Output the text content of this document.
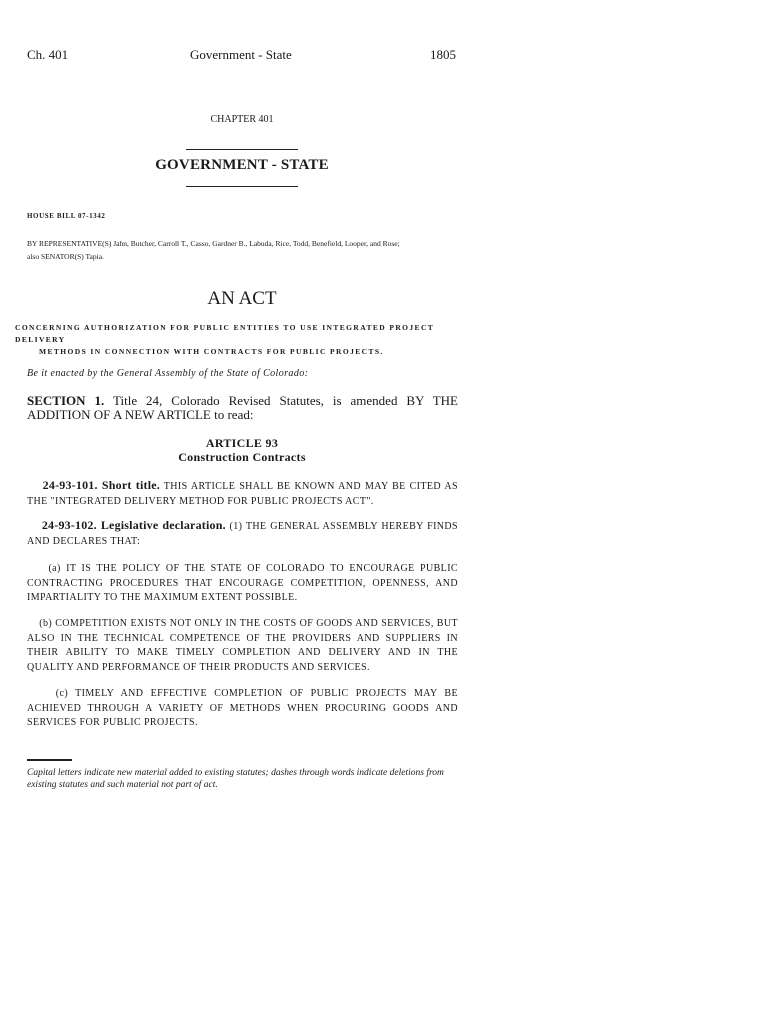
Ch. 401	Government - State	1805
CHAPTER 401
GOVERNMENT - STATE
HOUSE BILL 07-1342
BY REPRESENTATIVE(S) Jahn, Butcher, Carroll T., Casso, Gardner B., Labuda, Rice, Todd, Benefield, Looper, and Rose;
also SENATOR(S) Tapia.
AN ACT
CONCERNING AUTHORIZATION FOR PUBLIC ENTITIES TO USE INTEGRATED PROJECT DELIVERY
METHODS IN CONNECTION WITH CONTRACTS FOR PUBLIC PROJECTS.
Be it enacted by the General Assembly of the State of Colorado:
SECTION 1. Title 24, Colorado Revised Statutes, is amended BY THE ADDITION OF A NEW ARTICLE to read:
ARTICLE 93
Construction Contracts
24-93-101. Short title. THIS ARTICLE SHALL BE KNOWN AND MAY BE CITED AS THE "INTEGRATED DELIVERY METHOD FOR PUBLIC PROJECTS ACT".
24-93-102. Legislative declaration. (1) THE GENERAL ASSEMBLY HEREBY FINDS AND DECLARES THAT:
(a) IT IS THE POLICY OF THE STATE OF COLORADO TO ENCOURAGE PUBLIC CONTRACTING PROCEDURES THAT ENCOURAGE COMPETITION, OPENNESS, AND IMPARTIALITY TO THE MAXIMUM EXTENT POSSIBLE.
(b) COMPETITION EXISTS NOT ONLY IN THE COSTS OF GOODS AND SERVICES, BUT ALSO IN THE TECHNICAL COMPETENCE OF THE PROVIDERS AND SUPPLIERS IN THEIR ABILITY TO MAKE TIMELY COMPLETION AND DELIVERY AND IN THE QUALITY AND PERFORMANCE OF THEIR PRODUCTS AND SERVICES.
(c) TIMELY AND EFFECTIVE COMPLETION OF PUBLIC PROJECTS MAY BE ACHIEVED THROUGH A VARIETY OF METHODS WHEN PROCURING GOODS AND SERVICES FOR PUBLIC PROJECTS.
Capital letters indicate new material added to existing statutes; dashes through words indicate deletions from existing statutes and such material not part of act.
